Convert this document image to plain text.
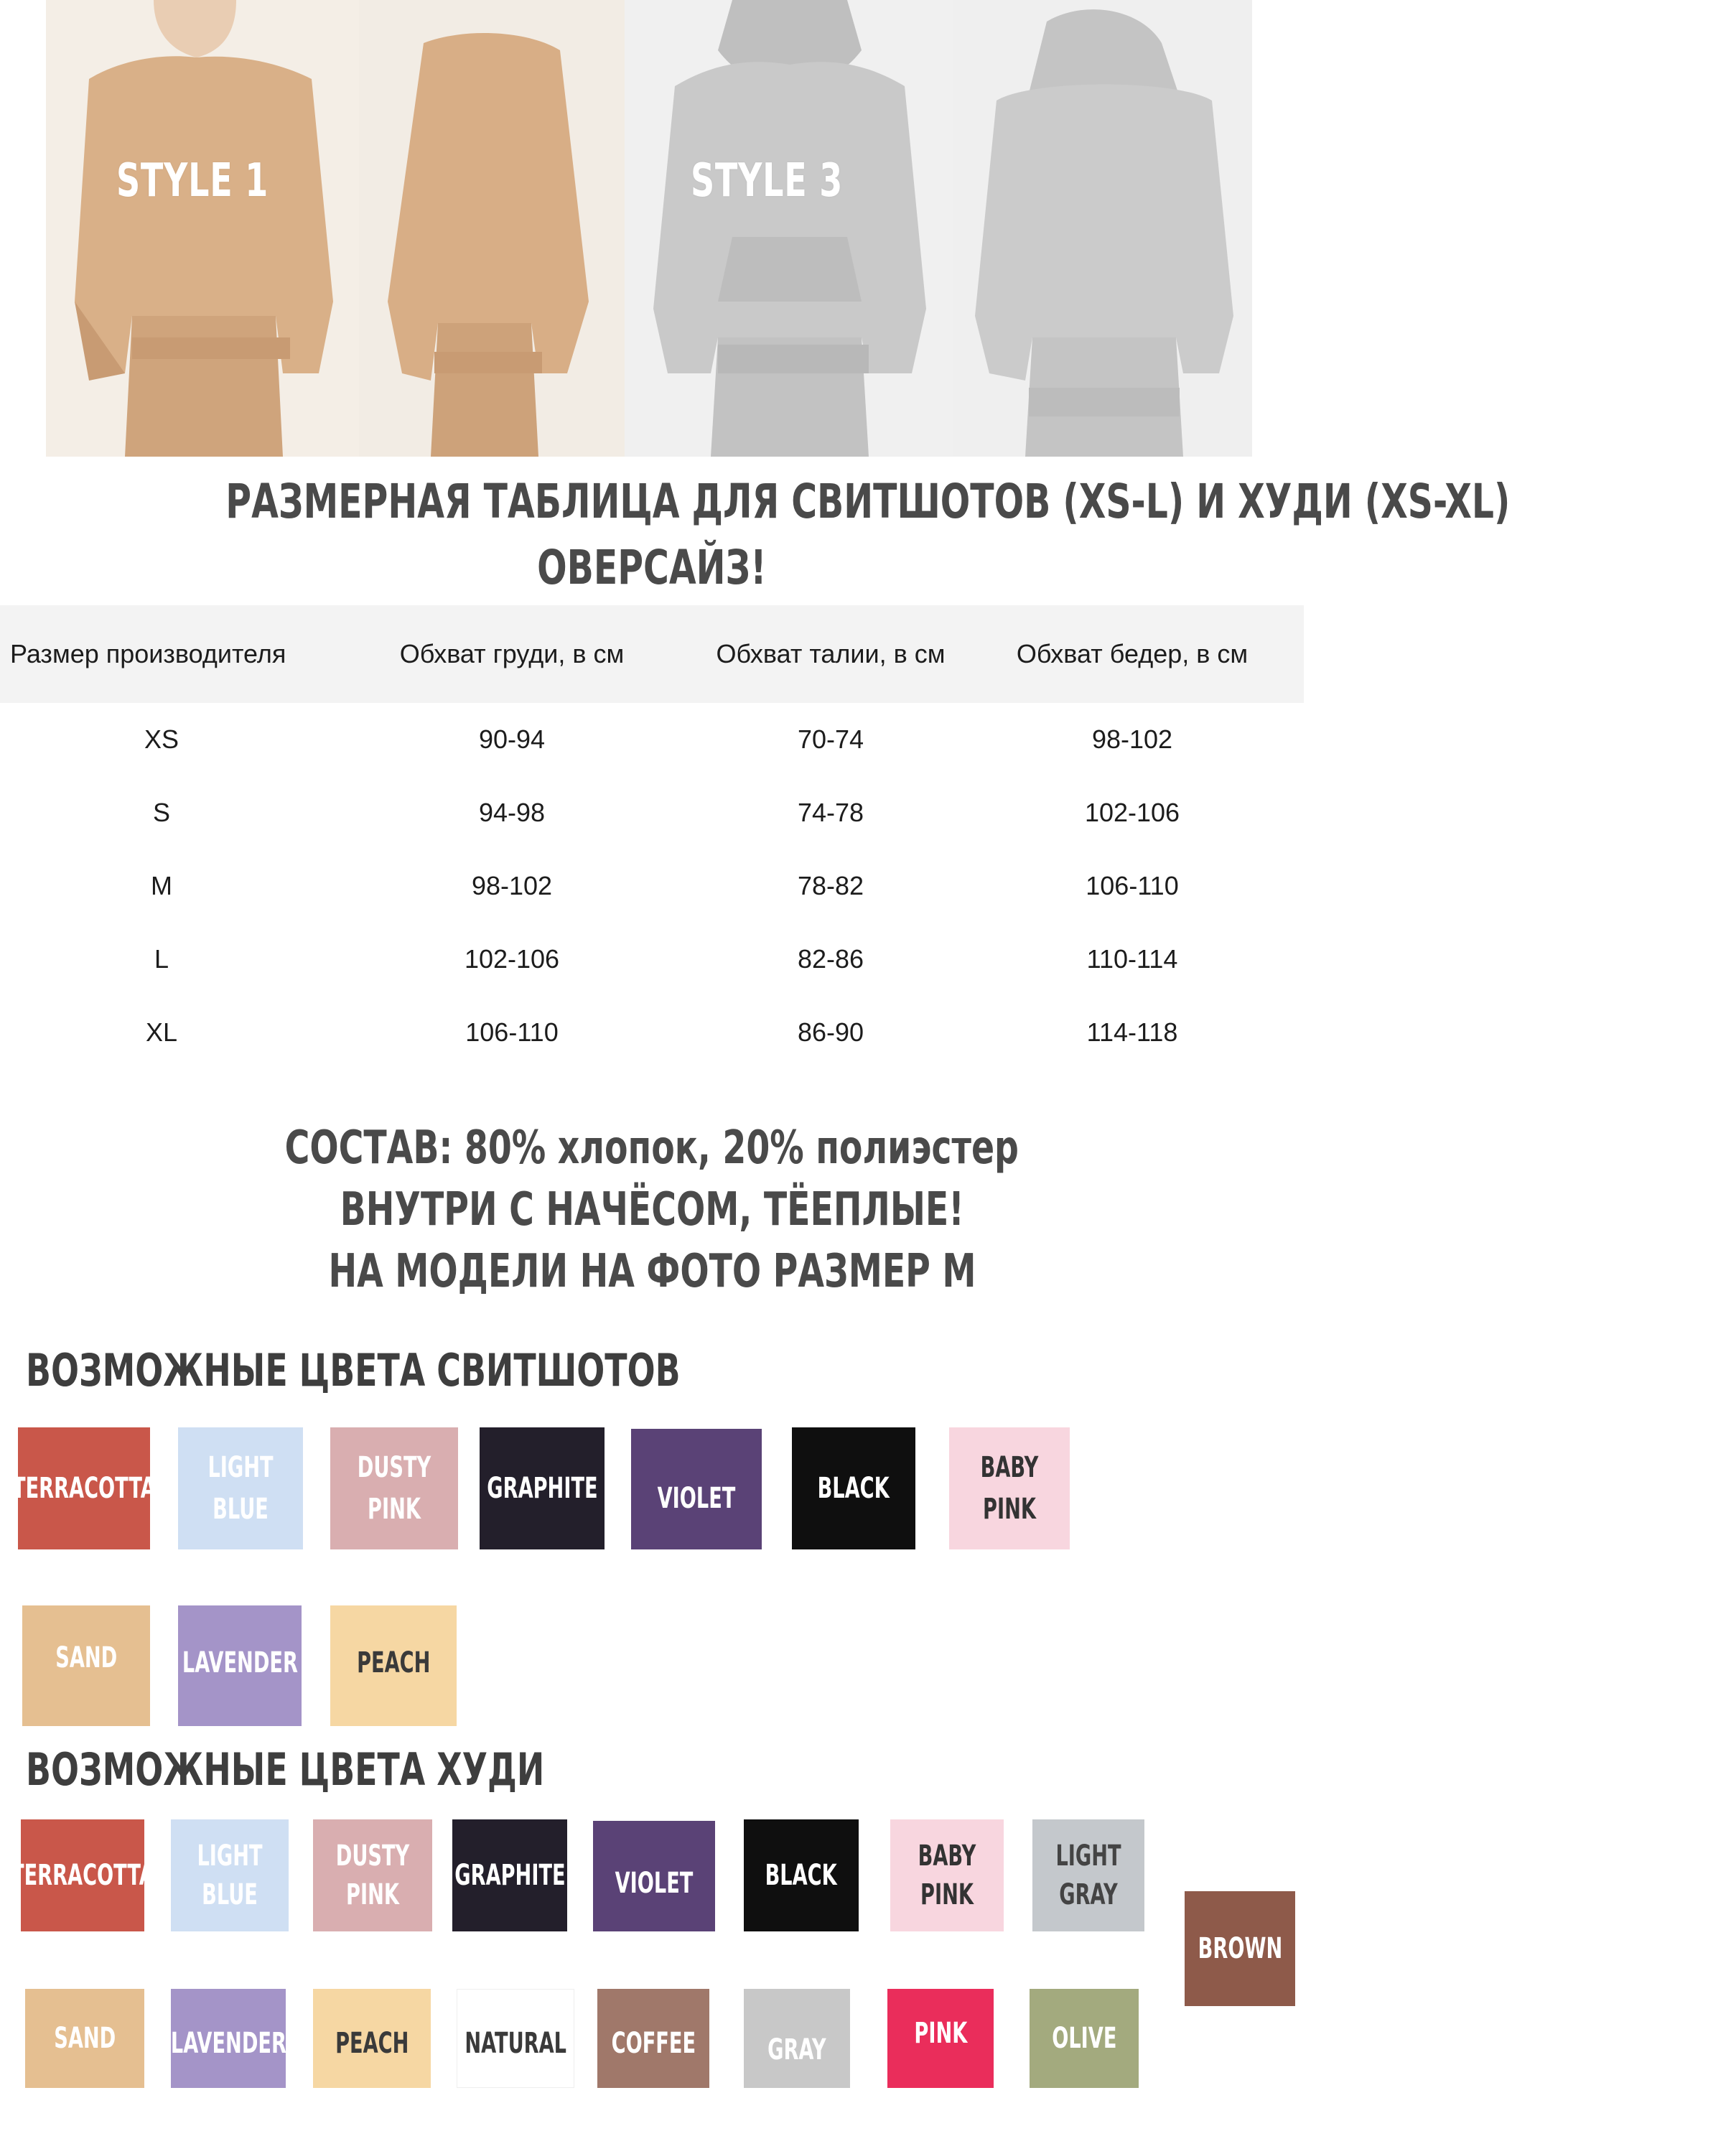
STYLE 1	STYLE 3
РАЗМЕРНАЯ ТАБЛИЦА ДЛЯ СВИТШОТОВ (XS-L) И ХУДИ (XS-XL)
ОВЕРСАЙЗ!
Размер производителя	Обхват груди, в см	Обхват талии, в см	Обхват бедер, в см
XS	90-94	70-74	98-102
S	94-98	74-78	102-106
M	98-102	78-82	106-110
L	102-106	82-86	110-114
XL	106-110	86-90	114-118
СОСТАВ: 80% хлопок, 20% полиэстер
ВНУТРИ С НАЧЁСОМ, ТЁЕПЛЫЕ!
НА МОДЕЛИ НА ФОТО РАЗМЕР М
ВОЗМОЖНЫЕ ЦВЕТА СВИТШОТОВ
TERRACOTTA
LIGHT BLUE
DUSTY PINK
GRAPHITE VIOLET	BLACK
BABY PINK
SAND LAVENDER PEACH
ВОЗМОЖНЫЕ ЦВЕТА ХУДИ
TERRACOTTA
LIGHT BLUE
DUSTY PINK
GRAPHITE VIOLET	BLACK
BABY PINK
LIGHT GRAY
BROWN
SAND LAVENDER PEACH NATURAL COFFEE	GRAY	PINK	OLIVE
